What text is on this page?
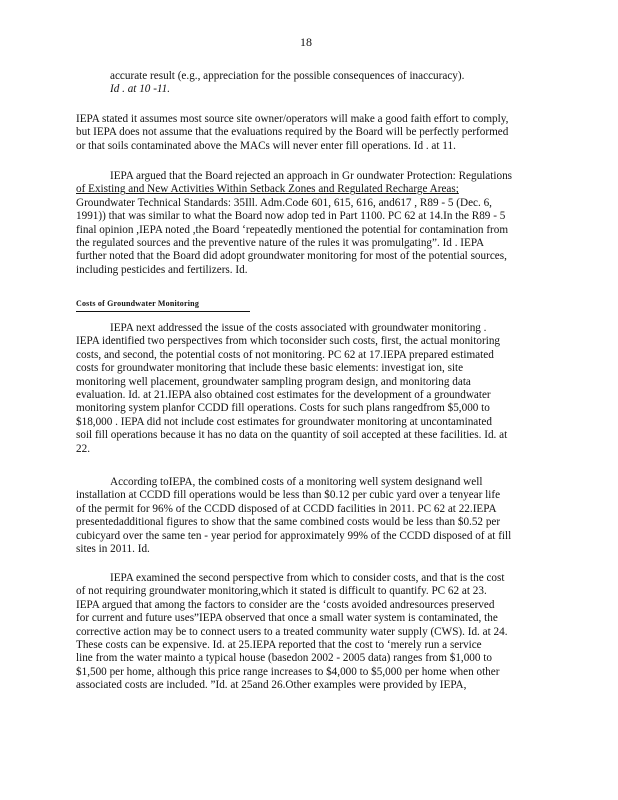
18

accurate result (e.g., appreciation for the possible consequences of inaccuracy).
Id . at 10 -11.

IEPA stated it assumes most source site owner/operators will make a good faith effort to comply,
but IEPA does not assume that the evaluations required by the Board will be perfectly performed
or that soils contaminated above the MACs will never enter fill operations. Id . at 11.

IEPA argued that the Board rejected an approach in Gr oundwater Protection: Regulations
of Existing and New Activities Within Setback Zones and Regulated Recharge Areas;
Groundwater Technical Standards: 35Ill. Adm.Code 601, 615, 616, and617 , R89 - 5 (Dec. 6,
1991)) that was similar to what the Board now adop ted in Part 1100. PC 62 at 14.In the R89 - 5
final opinion ,IEPA noted ,the Board ‘repeatedly mentioned the potential for contamination from
the regulated sources and the preventive nature of the rules it was promulgating”. Id . IEPA
further noted that the Board did adopt groundwater monitoring for most of the potential sources,
including pesticides and fertilizers. Id.

Costs of Groundwater Monitoring

IEPA next addressed the issue of the costs associated with groundwater monitoring .
IEPA identified two perspectives from which toconsider such costs, first, the actual monitoring
costs, and second, the potential costs of not monitoring. PC 62 at 17.IEPA prepared estimated
costs for groundwater monitoring that include these basic elements: investigat ion, site
monitoring well placement, groundwater sampling program design, and monitoring data
evaluation. Id. at 21.IEPA also obtained cost estimates for the development of a groundwater
monitoring system planfor CCDD fill operations. Costs for such plans rangedfrom $5,000 to
$18,000 . IEPA did not include cost estimates for groundwater monitoring at uncontaminated
soil fill operations because it has no data on the quantity of soil accepted at these facilities. Id. at
22.

According toIEPA, the combined costs of a monitoring well system designand well
installation at CCDD fill operations would be less than $0.12 per cubic yard over a tenyear life
of the permit for 96% of the CCDD disposed of at CCDD facilities in 2011. PC 62 at 22.IEPA
presentedadditional figures to show that the same combined costs would be less than $0.52 per
cubicyard over the same ten - year period for approximately 99% of the CCDD disposed of at fill
sites in 2011. Id.

IEPA examined the second perspective from which to consider costs, and that is the cost
of not requiring groundwater monitoring,which it stated is difficult to quantify. PC 62 at 23.
IEPA argued that among the factors to consider are the ‘costs avoided andresources preserved
for current and future uses”IEPA observed that once a small water system is contaminated, the
corrective action may be to connect users to a treated community water supply (CWS). Id. at 24.
These costs can be expensive. Id. at 25.IEPA reported that the cost to ‘merely run a service
line from the water mainto a typical house (basedon 2002 - 2005 data) ranges from $1,000 to
$1,500 per home, although this price range increases to $4,000 to $5,000 per home when other
associated costs are included. ”Id. at 25and 26.Other examples were provided by IEPA,
